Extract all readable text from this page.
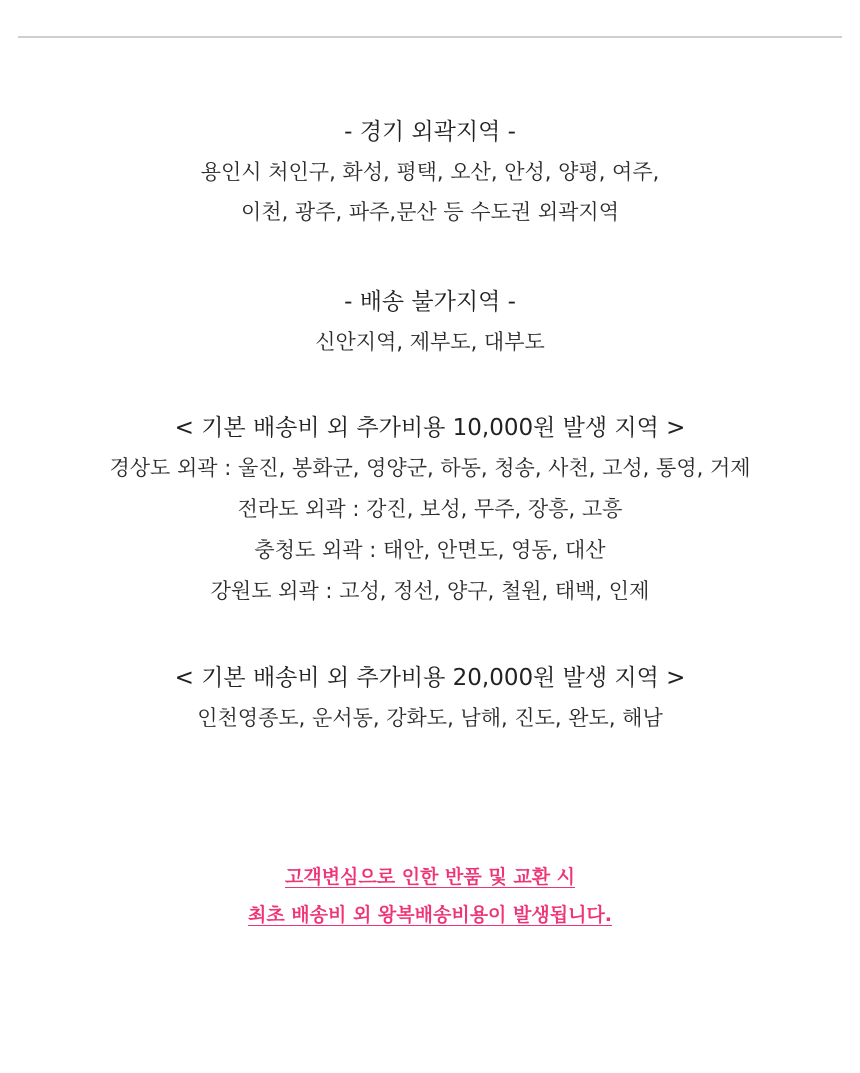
- 경기 외곽지역 -
용인시 처인구, 화성, 평택, 오산, 안성, 양평, 여주,
이천, 광주, 파주,문산 등 수도권 외곽지역
- 배송 불가지역 -
신안지역, 제부도, 대부도
< 기본 배송비 외 추가비용 10,000원 발생 지역 >
경상도 외곽 : 울진, 봉화군, 영양군, 하동, 청송, 사천, 고성, 통영, 거제
전라도 외곽 : 강진, 보성, 무주, 장흥, 고흥
충청도 외곽 : 태안, 안면도, 영동, 대산
강원도 외곽 : 고성, 정선, 양구, 철원, 태백, 인제
< 기본 배송비 외 추가비용 20,000원 발생 지역 >
인천영종도, 운서동, 강화도, 남해, 진도, 완도, 해남
고객변심으로 인한 반품 및 교환 시
최초 배송비 외 왕복배송비용이 발생됩니다.
